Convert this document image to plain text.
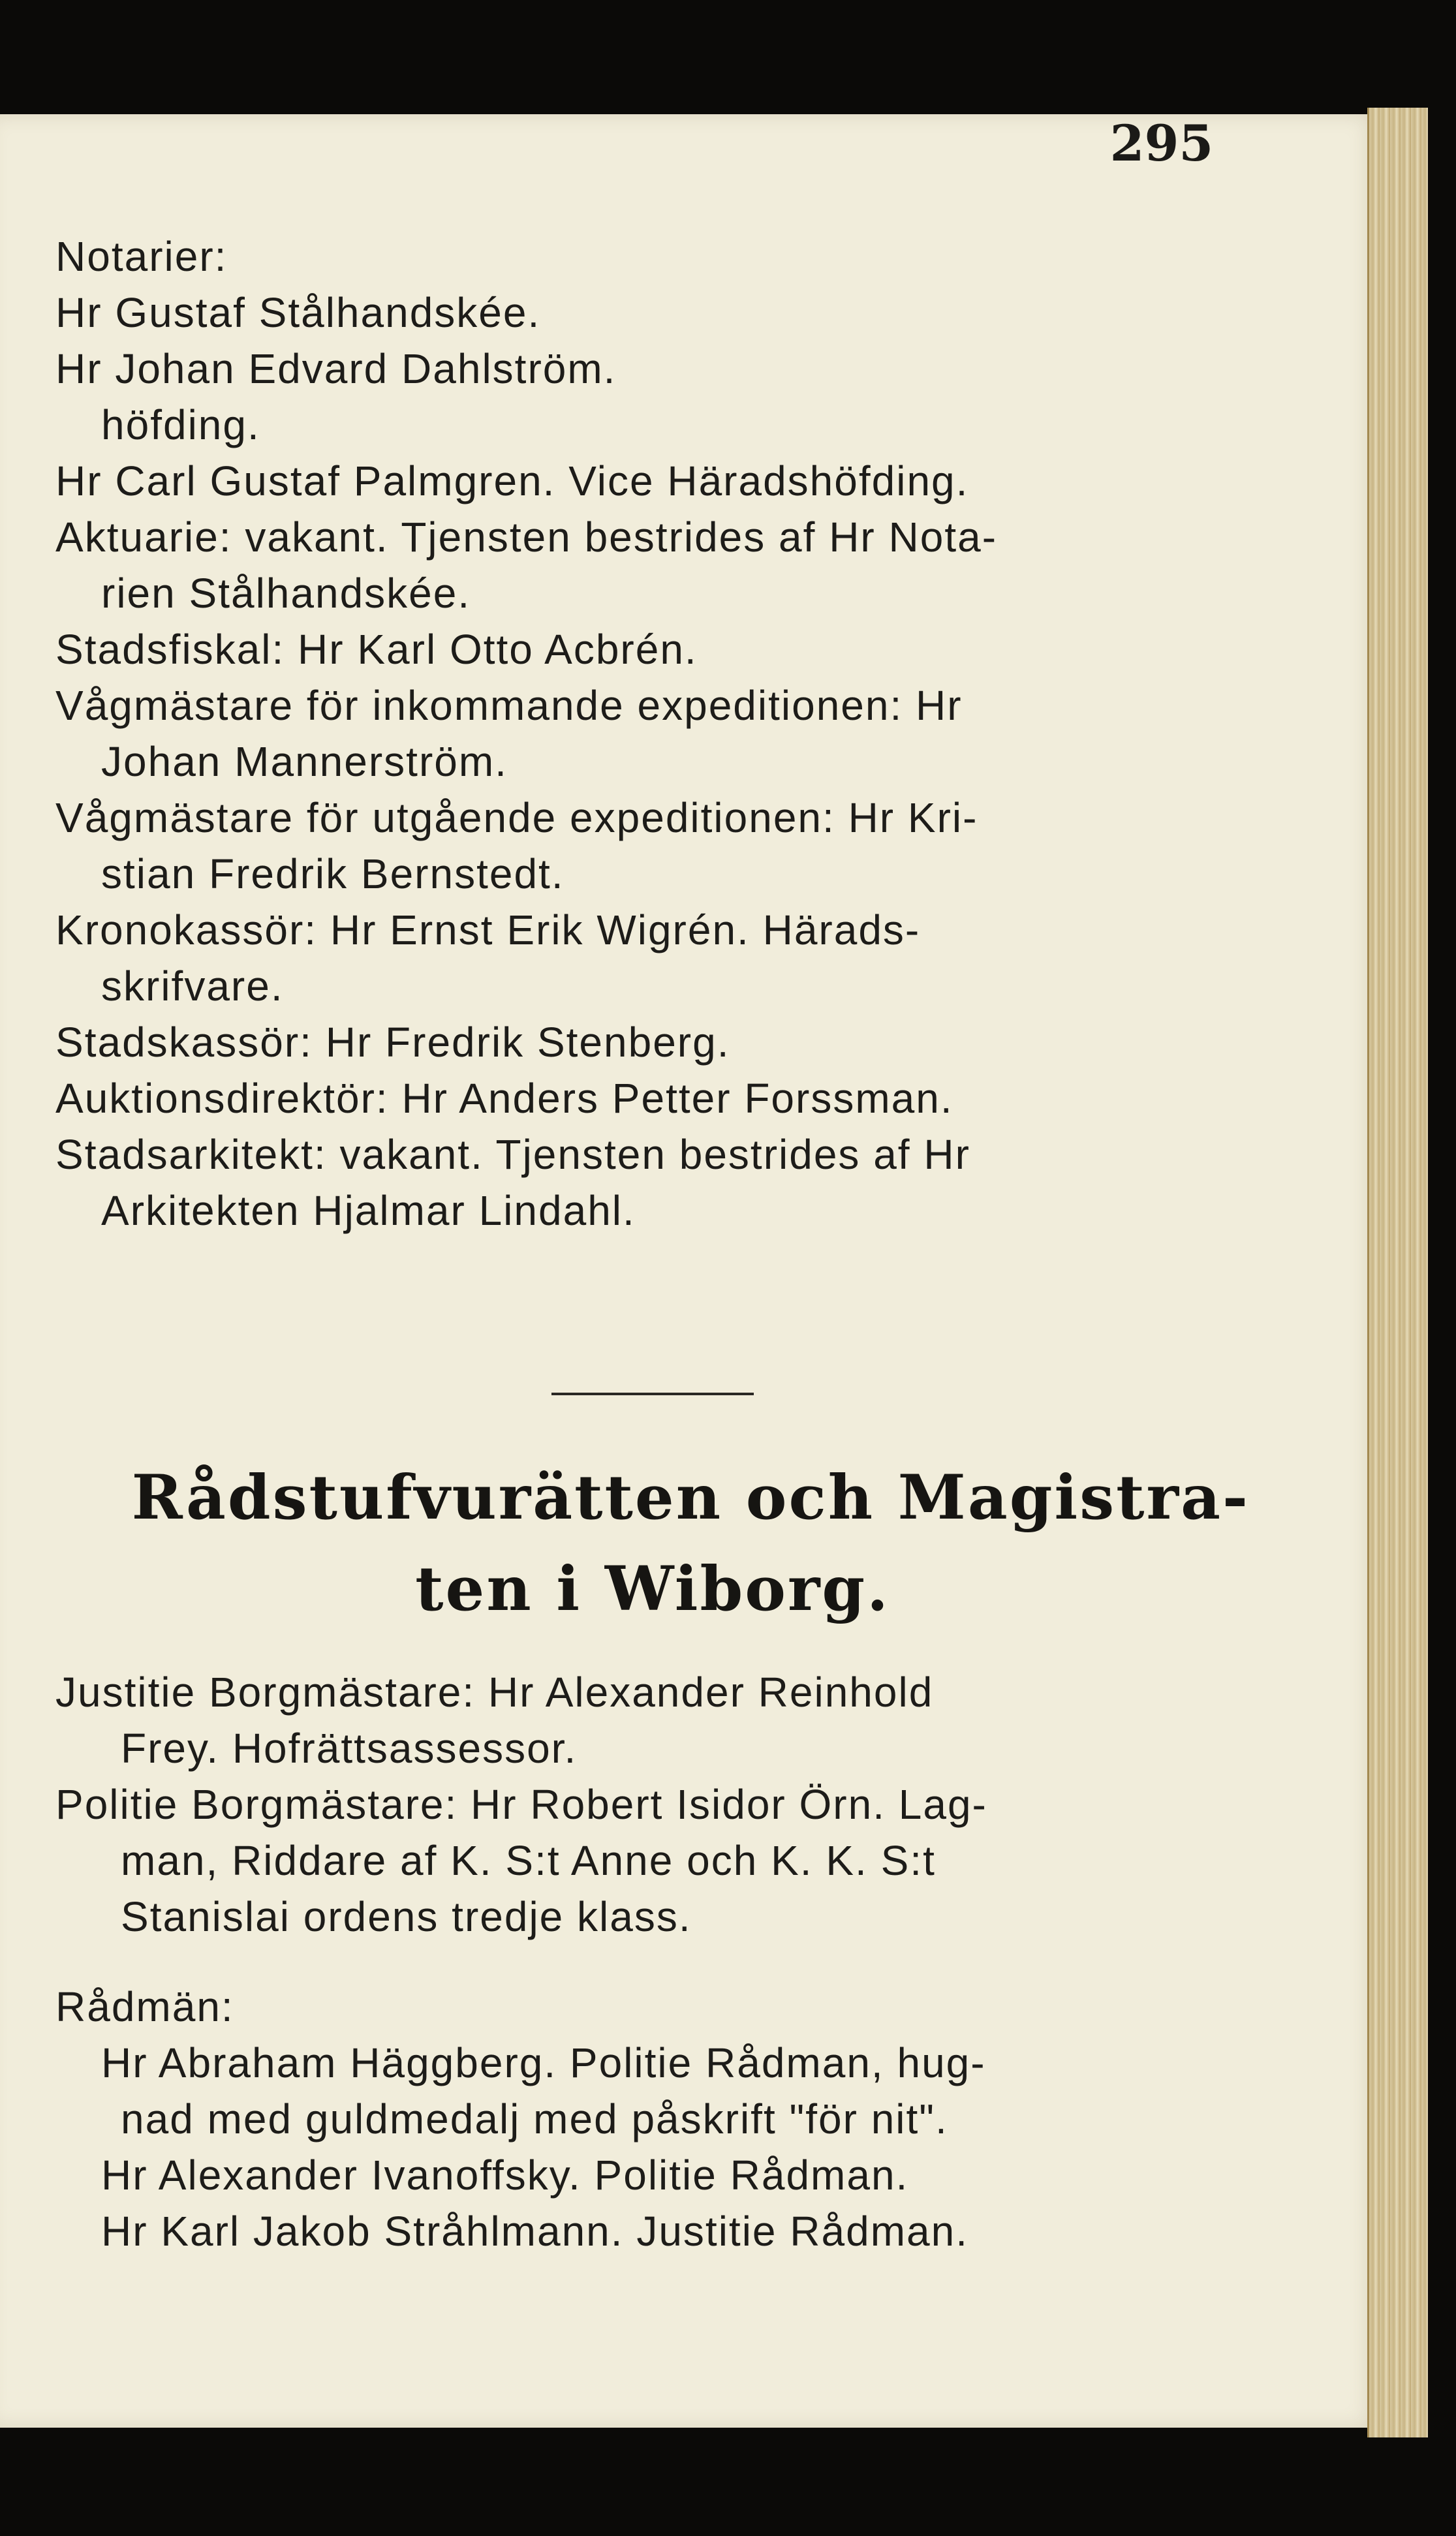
295
Notarier:
Hr Gustaf Stålhandskée.
Hr Johan Edvard Dahlström.
höfding.
Hr Carl Gustaf Palmgren. Vice Häradshöfding.
Aktuarie: vakant. Tjensten bestrides af Hr Nota-
rien Stålhandskée.
Stadsfiskal: Hr Karl Otto Acbrén.
Vågmästare för inkommande expeditionen: Hr
Johan Mannerström.
Vågmästare för utgående expeditionen: Hr Kri-
stian Fredrik Bernstedt.
Kronokassör: Hr Ernst Erik Wigrén. Härads-
skrifvare.
Stadskassör: Hr Fredrik Stenberg.
Auktionsdirektör: Hr Anders Petter Forssman.
Stadsarkitekt: vakant. Tjensten bestrides af Hr
Arkitekten Hjalmar Lindahl.
Rådstufvurätten och Magistra-
ten i Wiborg.
Justitie Borgmästare: Hr Alexander Reinhold
Frey. Hofrättsassessor.
Politie Borgmästare: Hr Robert Isidor Örn. Lag-
man, Riddare af K. S:t Anne och K. K. S:t
Stanislai ordens tredje klass.
Rådmän:
Hr Abraham Häggberg. Politie Rådman, hug-
nad med guldmedalj med påskrift "för nit".
Hr Alexander Ivanoffsky. Politie Rådman.
Hr Karl Jakob Stråhlmann. Justitie Rådman.
